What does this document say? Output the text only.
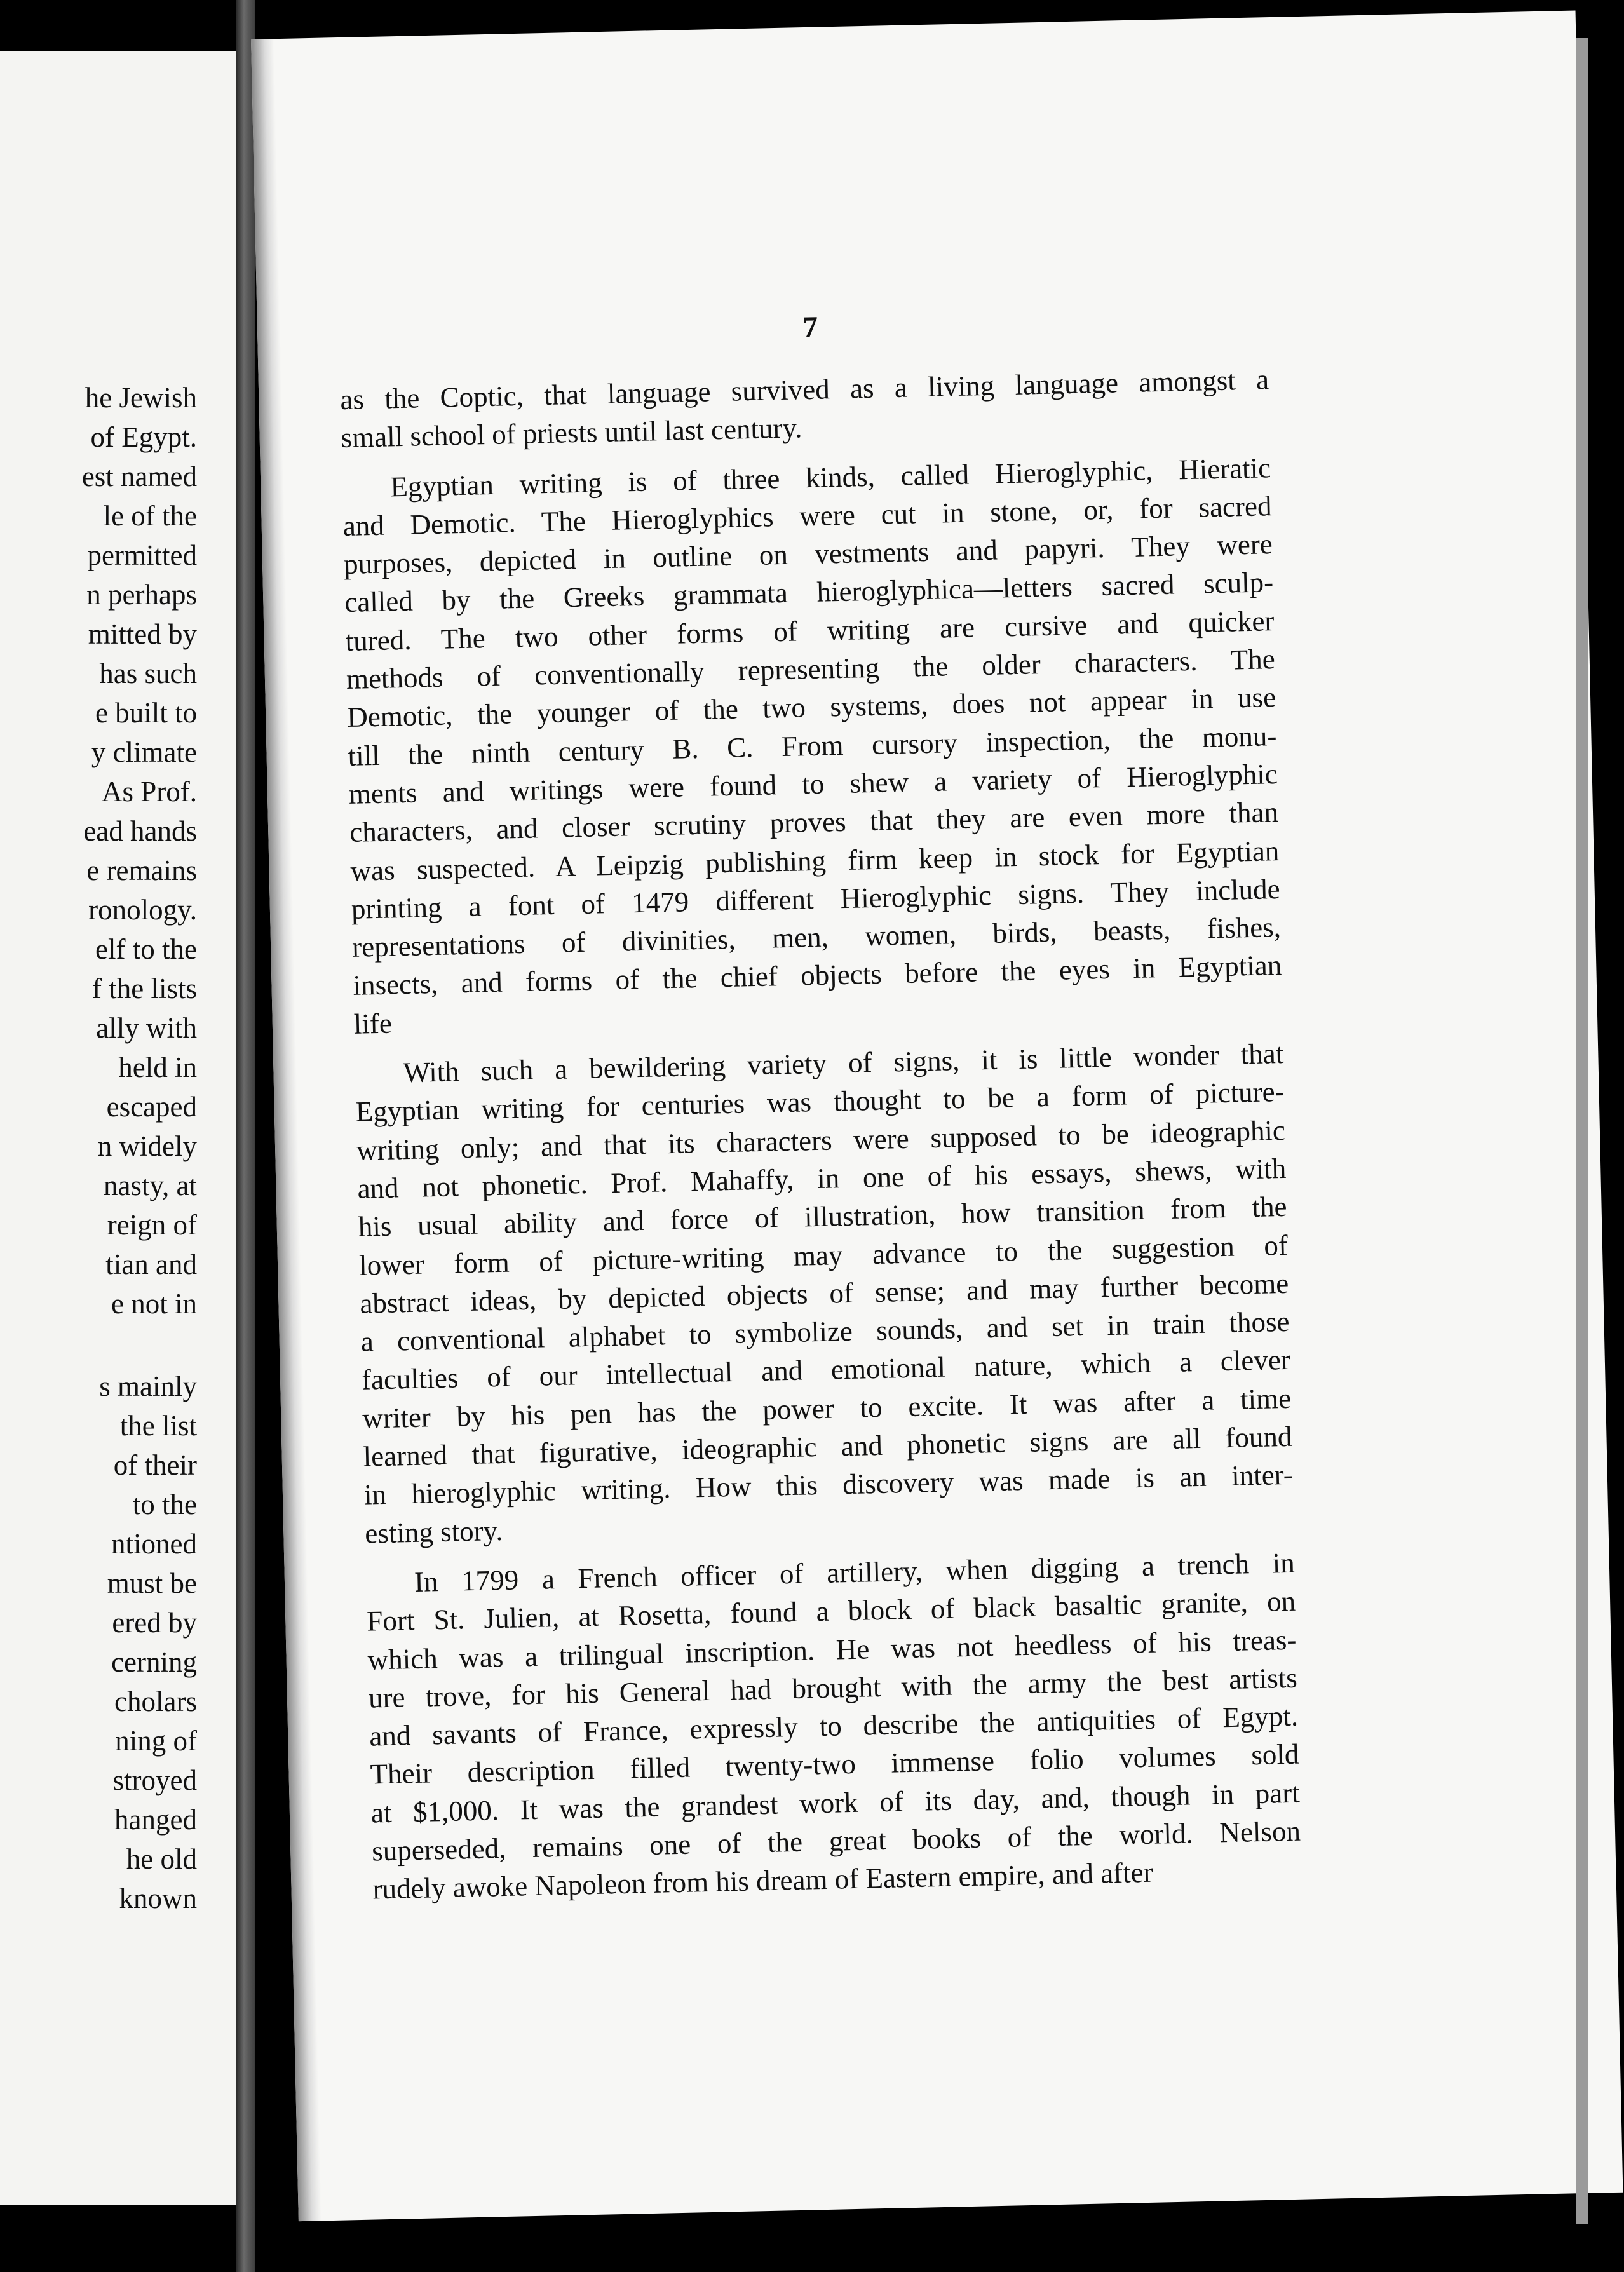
he Jewish
of Egypt.
est named
le of the
permitted
n perhaps
mitted by
has such
e built to
y climate
As Prof.
ead hands
e remains
ronology.
elf to the
f the lists
ally with
held in
escaped
n widely
nasty, at
reign of
tian and
e not in
s mainly
the list
of their
to the
ntioned
must be
ered by
cerning
cholars
ning of
stroyed
hanged
he old
known
7
as the Coptic, that language survived as a living language amongst a
small school of priests until last century.
Egyptian writing is of three kinds, called Hieroglyphic, Hieratic
and Demotic. The Hieroglyphics were cut in stone, or, for sacred
purposes, depicted in outline on vestments and papyri. They were
called by the Greeks grammata hieroglyphica—letters sacred sculp-
tured. The two other forms of writing are cursive and quicker
methods of conventionally representing the older characters. The
Demotic, the younger of the two systems, does not appear in use
till the ninth century B. C. From cursory inspection, the monu-
ments and writings were found to shew a variety of Hieroglyphic
characters, and closer scrutiny proves that they are even more than
was suspected. A Leipzig publishing firm keep in stock for Egyptian
printing a font of 1479 different Hieroglyphic signs. They include
representations of divinities, men, women, birds, beasts, fishes,
insects, and forms of the chief objects before the eyes in Egyptian
life
With such a bewildering variety of signs, it is little wonder that
Egyptian writing for centuries was thought to be a form of picture-
writing only; and that its characters were supposed to be ideographic
and not phonetic. Prof. Mahaffy, in one of his essays, shews, with
his usual ability and force of illustration, how transition from the
lower form of picture-writing may advance to the suggestion of
abstract ideas, by depicted objects of sense; and may further become
a conventional alphabet to symbolize sounds, and set in train those
faculties of our intellectual and emotional nature, which a clever
writer by his pen has the power to excite. It was after a time
learned that figurative, ideographic and phonetic signs are all found
in hieroglyphic writing. How this discovery was made is an inter-
esting story.
In 1799 a French officer of artillery, when digging a trench in
Fort St. Julien, at Rosetta, found a block of black basaltic granite, on
which was a trilingual inscription. He was not heedless of his treas-
ure trove, for his General had brought with the army the best artists
and savants of France, expressly to describe the antiquities of Egypt.
Their description filled twenty-two immense folio volumes sold
at $1,000. It was the grandest work of its day, and, though in part
superseded, remains one of the great books of the world. Nelson
rudely awoke Napoleon from his dream of Eastern empire, and after
